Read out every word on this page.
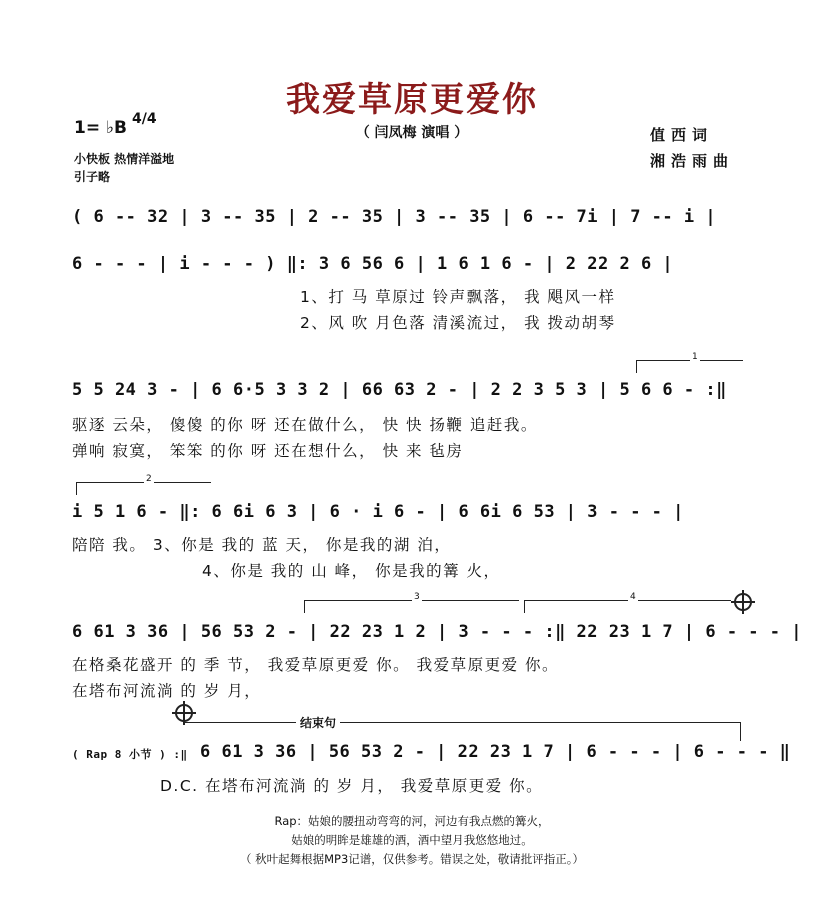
我爱草原更爱你
（ 闫凤梅 演唱 ）
1= ♭B 4/4
小快板 热情洋溢地
引子略
值西词
湘浩雨曲
( 6 -- 32 | 3 -- 35 | 2 -- 35 | 3 -- 35 | 6 -- 7i | 7 -- i |
6 - - - | i - - - ) ‖: 3 6 56 6 | 1 6 1 6 - | 2 22 2 6 |
1、打 马 草原过 铃声飘落， 我 飓风一样
2、风 吹 月色落 清溪流过， 我 拨动胡琴
1
5 5 24 3 - | 6 6·5 3 3 2 | 66 63 2 - | 2 2 3 5 3 | 5 6 6 - :‖
驱逐 云朵， 傻傻 的你 呀 还在做什么， 快 快 扬鞭 追赶我。
弹响 寂寞， 笨笨 的你 呀 还在想什么， 快 来 毡房
2
i 5 1 6 - ‖: 6 6i 6 3 | 6 · i 6 - | 6 6i 6 53 | 3 - - - |
陪陪 我。 3、你是 我的 蓝 天， 你是我的湖 泊，
4、你是 我的 山 峰， 你是我的篝 火，
3	4
6 61 3 36 | 56 53 2 - | 22 23 1 2 | 3 - - - :‖ 22 23 1 7 | 6 - - - |
在格桑花盛开 的 季 节， 我爱草原更爱 你。 我爱草原更爱 你。
在塔布河流淌 的 岁 月，
结束句
( Rap 8 小节 ) :‖ 6 61 3 36 | 56 53 2 - | 22 23 1 7 | 6 - - - | 6 - - - ‖
D.C. 在塔布河流淌 的 岁 月， 我爱草原更爱 你。
Rap：姑娘的腰扭动弯弯的河，河边有我点燃的篝火，
姑娘的明眸是雄雄的酒，酒中望月我悠悠地过。
（ 秋叶起舞根据MP3记谱，仅供参考。错误之处，敬请批评指正。）
